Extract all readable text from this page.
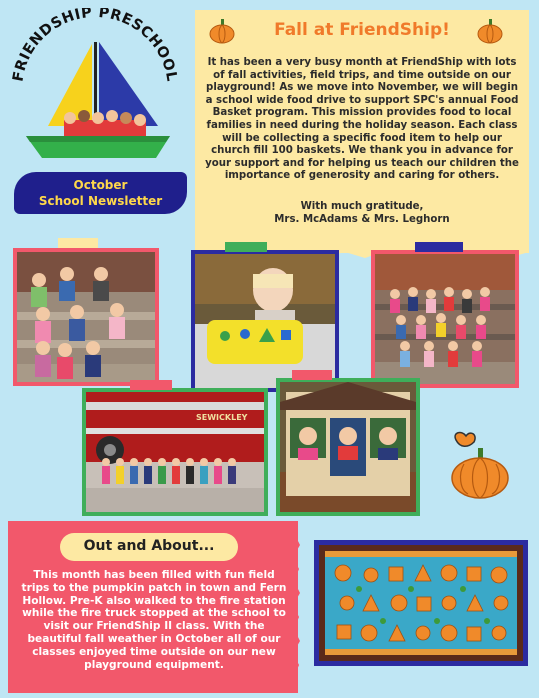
FRIENDSHIP PRESCHOOL
October
School Newsletter
Fall at FriendShip!
It has been a very busy month at FriendShip with lots of fall activities, field trips, and time outside on our playground! As we move into November, we will begin a school wide food drive to support SPC's annual Food Basket program. This mission provides food to local families in need during the holiday season. Each class will be collecting a specific food item to help our church fill 100 baskets. We thank you in advance for your support and for helping us teach our children the importance of generosity and caring for others.
With much gratitude,
Mrs. McAdams & Mrs. Leghorn
SEWICKLEY
Out and About...
This month has been filled with fun field trips to the pumpkin patch in town and Fern Hollow. Pre-K also walked to the fire station while the fire truck stopped at the school to visit our FriendShip II class. With the beautiful fall weather in October all of our classes enjoyed time outside on our new playground equipment.
